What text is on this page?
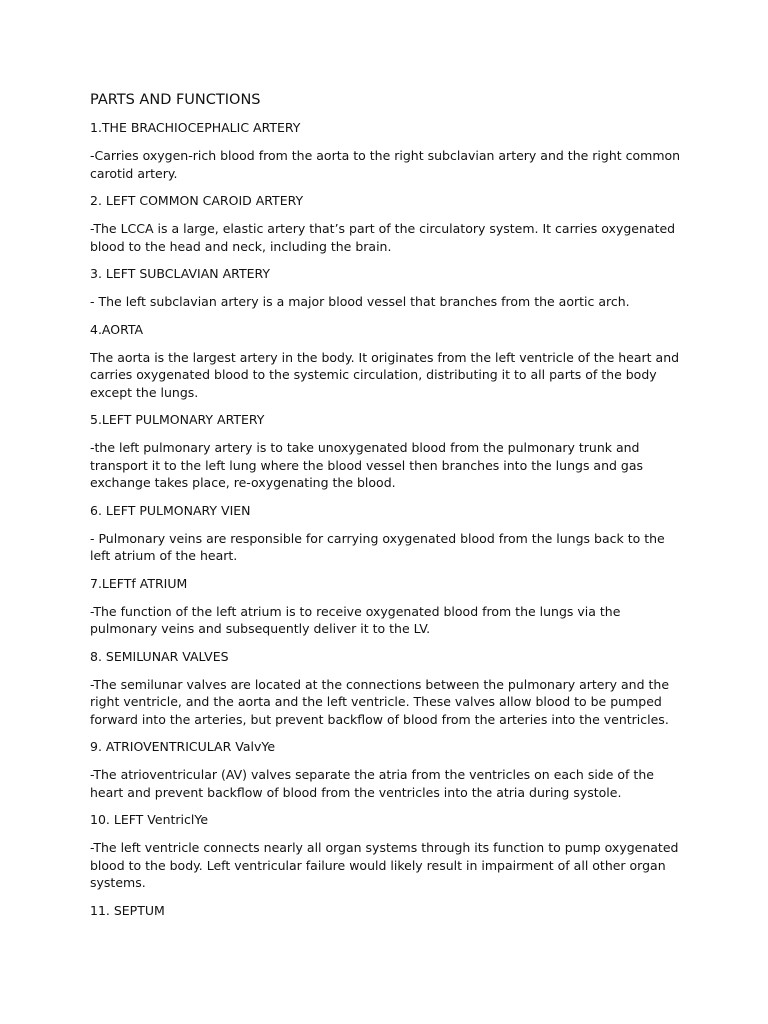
PARTS AND FUNCTIONS
1.THE BRACHIOCEPHALIC ARTERY
-Carries oxygen-rich blood from the aorta to the right subclavian artery and the right common carotid artery.
2. LEFT COMMON CAROID ARTERY
-The LCCA is a large, elastic artery that’s part of the circulatory system. It carries oxygenated blood to the head and neck, including the brain.
3. LEFT SUBCLAVIAN ARTERY
- The left subclavian artery is a major blood vessel that branches from the aortic arch.
4.AORTA
The aorta is the largest artery in the body. It originates from the left ventricle of the heart and carries oxygenated blood to the systemic circulation, distributing it to all parts of the body except the lungs.
5.LEFT PULMONARY ARTERY
-the left pulmonary artery is to take unoxygenated blood from the pulmonary trunk and transport it to the left lung where the blood vessel then branches into the lungs and gas exchange takes place, re-oxygenating the blood.
6. LEFT PULMONARY VIEN
- Pulmonary veins are responsible for carrying oxygenated blood from the lungs back to the left atrium of the heart.
7.LEFTf ATRIUM
-The function of the left atrium is to receive oxygenated blood from the lungs via the pulmonary veins and subsequently deliver it to the LV.
8. SEMILUNAR VALVES
-The semilunar valves are located at the connections between the pulmonary artery and the right ventricle, and the aorta and the left ventricle. These valves allow blood to be pumped forward into the arteries, but prevent backflow of blood from the arteries into the ventricles.
9. ATRIOVENTRICULAR ValvYe
-The atrioventricular (AV) valves separate the atria from the ventricles on each side of the heart and prevent backflow of blood from the ventricles into the atria during systole.
10. LEFT VentriclYe
-The left ventricle connects nearly all organ systems through its function to pump oxygenated blood to the body. Left ventricular failure would likely result in impairment of all other organ systems.
11. SEPTUM
